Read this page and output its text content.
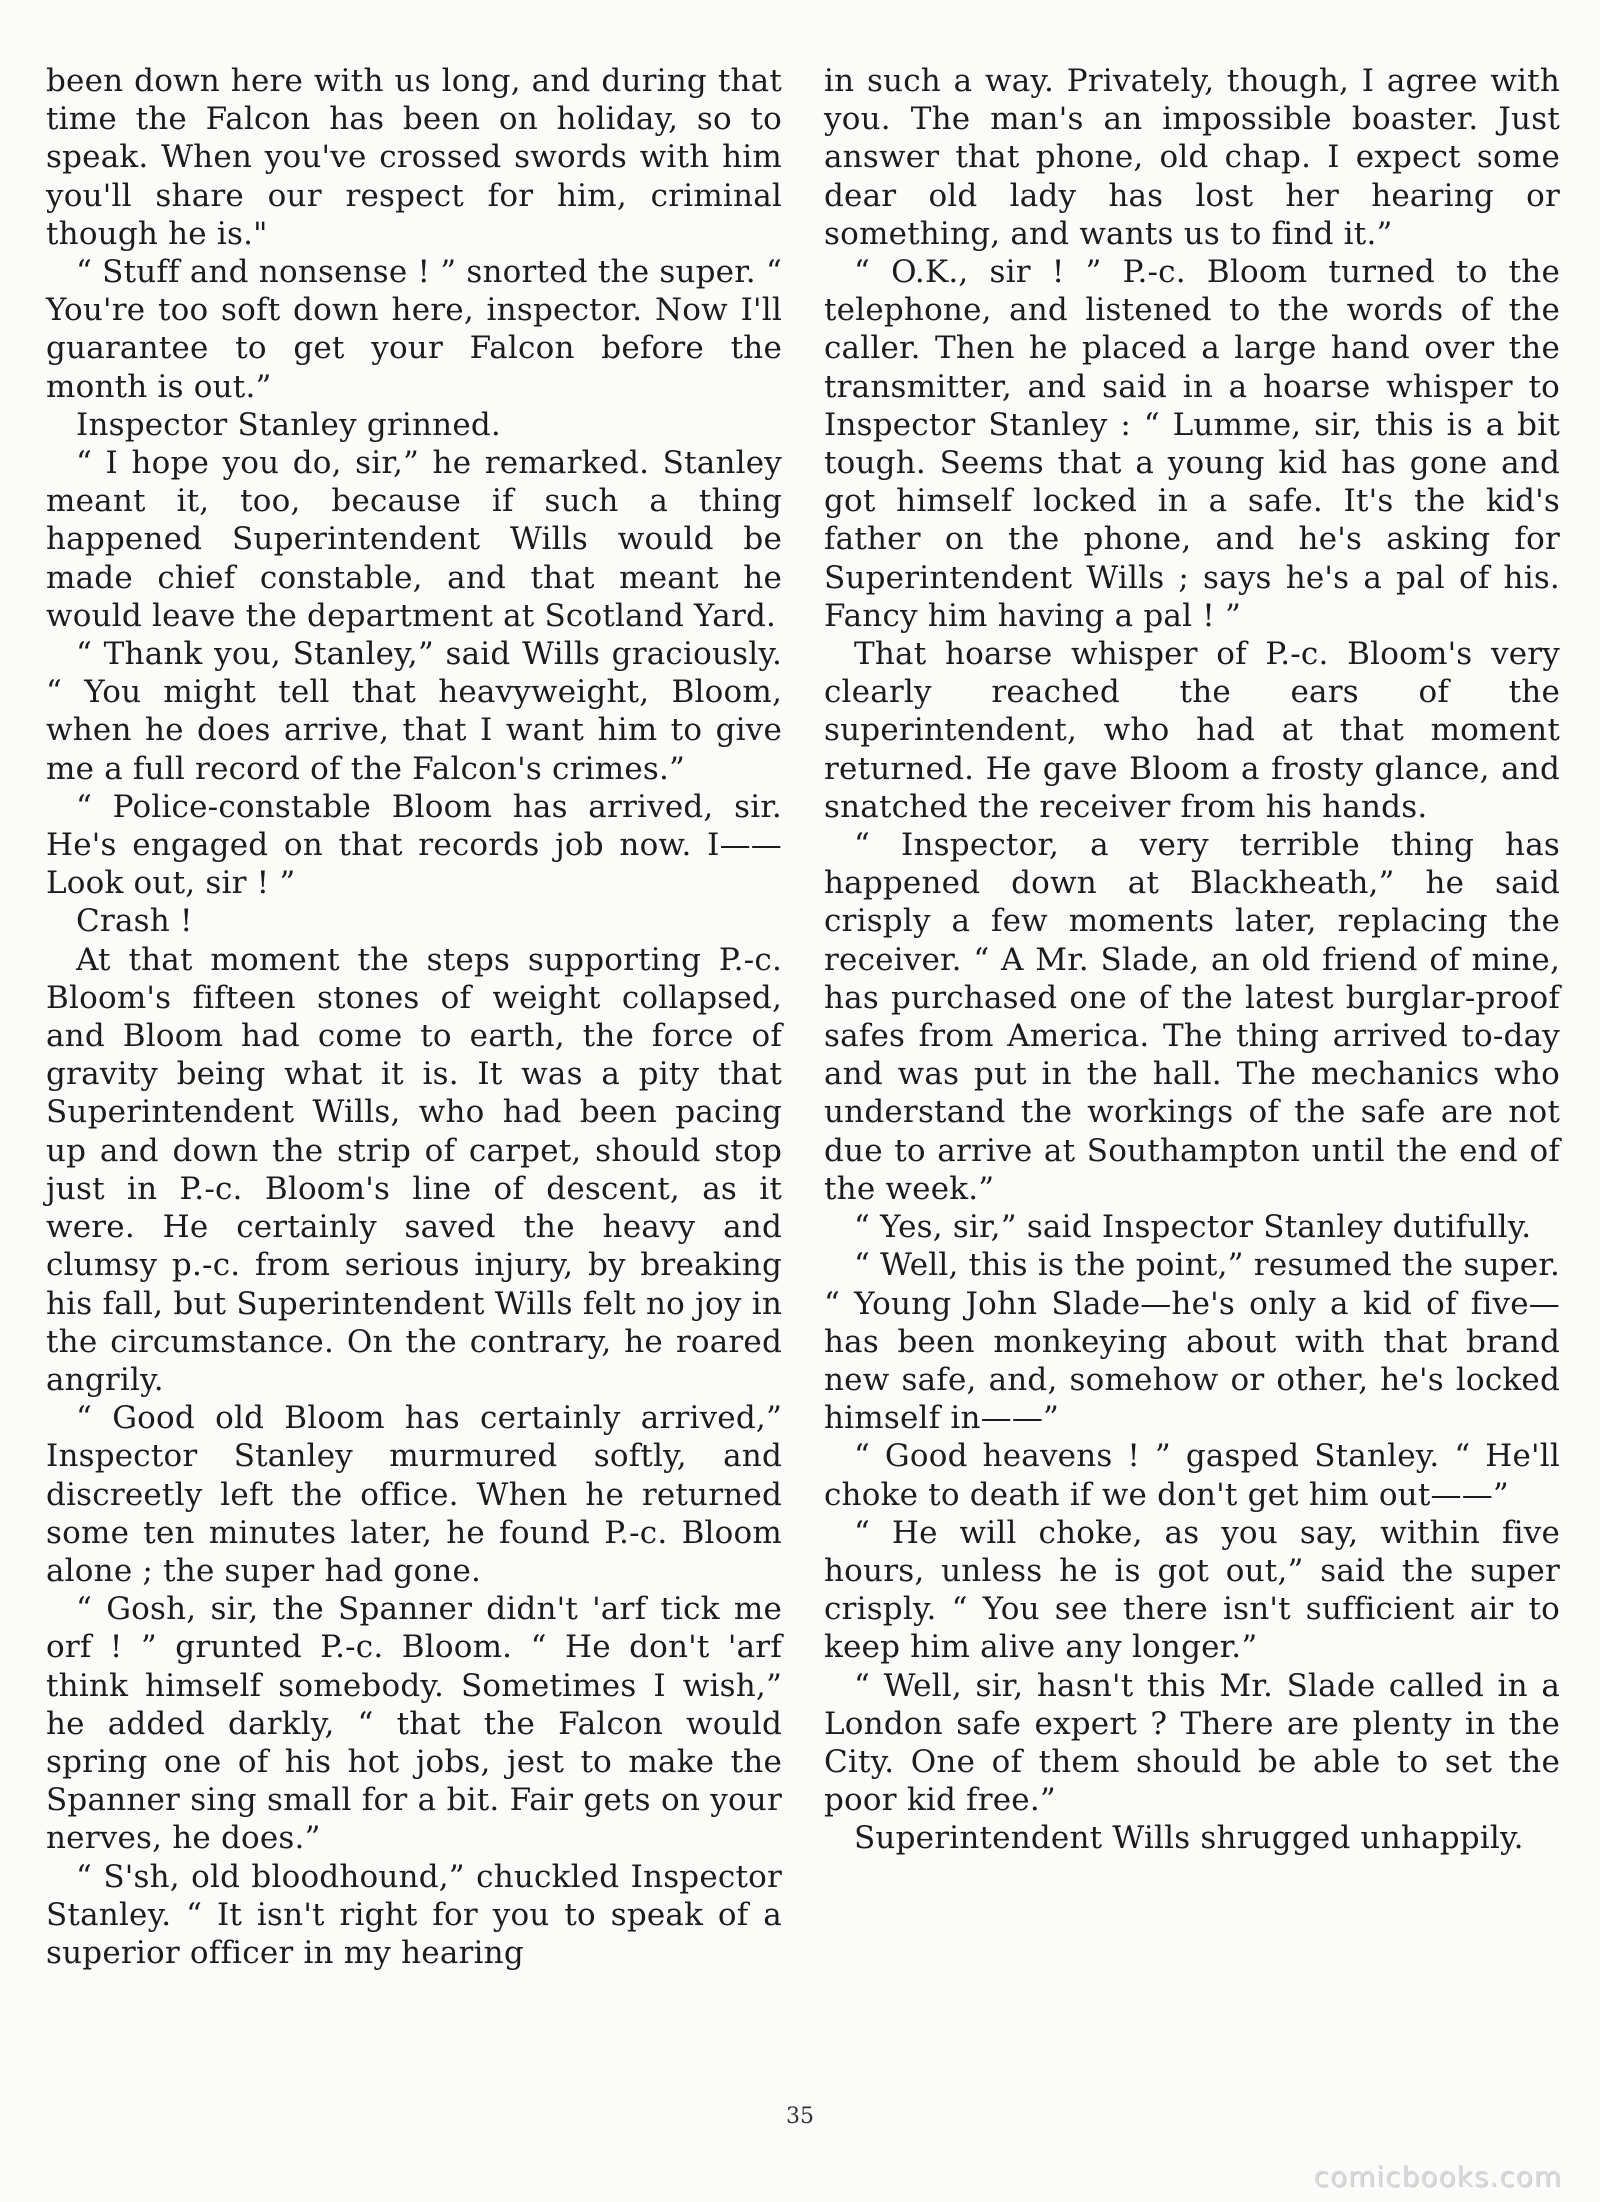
been down here with us long, and during that time the Falcon has been on holiday, so to speak. When you've crossed swords with him you'll share our respect for him, criminal though he is."

“ Stuff and nonsense ! ” snorted the super. “ You're too soft down here, inspector. Now I'll guarantee to get your Falcon before the month is out.”

Inspector Stanley grinned.

“ I hope you do, sir,” he remarked. Stanley meant it, too, because if such a thing happened Superintendent Wills would be made chief constable, and that meant he would leave the department at Scotland Yard.

“ Thank you, Stanley,” said Wills graciously. “ You might tell that heavyweight, Bloom, when he does arrive, that I want him to give me a full record of the Falcon's crimes.”

“ Police-constable Bloom has arrived, sir. He's engaged on that records job now. I—— Look out, sir ! ”

Crash !

At that moment the steps supporting P.-c. Bloom's fifteen stones of weight collapsed, and Bloom had come to earth, the force of gravity being what it is. It was a pity that Superintendent Wills, who had been pacing up and down the strip of carpet, should stop just in P.-c. Bloom's line of descent, as it were. He certainly saved the heavy and clumsy p.-c. from serious injury, by breaking his fall, but Superintendent Wills felt no joy in the circumstance. On the contrary, he roared angrily.

“ Good old Bloom has certainly arrived,” Inspector Stanley murmured softly, and discreetly left the office. When he returned some ten minutes later, he found P.-c. Bloom alone ; the super had gone.

“ Gosh, sir, the Spanner didn't 'arf tick me orf ! ” grunted P.-c. Bloom. “ He don't 'arf think himself somebody. Sometimes I wish,” he added darkly, “ that the Falcon would spring one of his hot jobs, jest to make the Spanner sing small for a bit. Fair gets on your nerves, he does.”

“ S'sh, old bloodhound,” chuckled Inspector Stanley. “ It isn't right for you to speak of a superior officer in my hearing

in such a way. Privately, though, I agree with you. The man's an impossible boaster. Just answer that phone, old chap. I expect some dear old lady has lost her hearing or something, and wants us to find it.”

“ O.K., sir ! ” P.-c. Bloom turned to the telephone, and listened to the words of the caller. Then he placed a large hand over the transmitter, and said in a hoarse whisper to Inspector Stanley : “ Lumme, sir, this is a bit tough. Seems that a young kid has gone and got himself locked in a safe. It's the kid's father on the phone, and he's asking for Superintendent Wills ; says he's a pal of his. Fancy him having a pal ! ”

That hoarse whisper of P.-c. Bloom's very clearly reached the ears of the superintendent, who had at that moment returned. He gave Bloom a frosty glance, and snatched the receiver from his hands.

“ Inspector, a very terrible thing has happened down at Blackheath,” he said crisply a few moments later, replacing the receiver. “ A Mr. Slade, an old friend of mine, has purchased one of the latest burglar-proof safes from America. The thing arrived to-day and was put in the hall. The mechanics who understand the workings of the safe are not due to arrive at Southampton until the end of the week.”

“ Yes, sir,” said Inspector Stanley dutifully.

“ Well, this is the point,” resumed the super. “ Young John Slade—he's only a kid of five—has been monkeying about with that brand new safe, and, somehow or other, he's locked himself in——”

“ Good heavens ! ” gasped Stanley. “ He'll choke to death if we don't get him out——”

“ He will choke, as you say, within five hours, unless he is got out,” said the super crisply. “ You see there isn't sufficient air to keep him alive any longer.”

“ Well, sir, hasn't this Mr. Slade called in a London safe expert ? There are plenty in the City. One of them should be able to set the poor kid free.”

Superintendent Wills shrugged unhappily.

35
comicbooks.com
